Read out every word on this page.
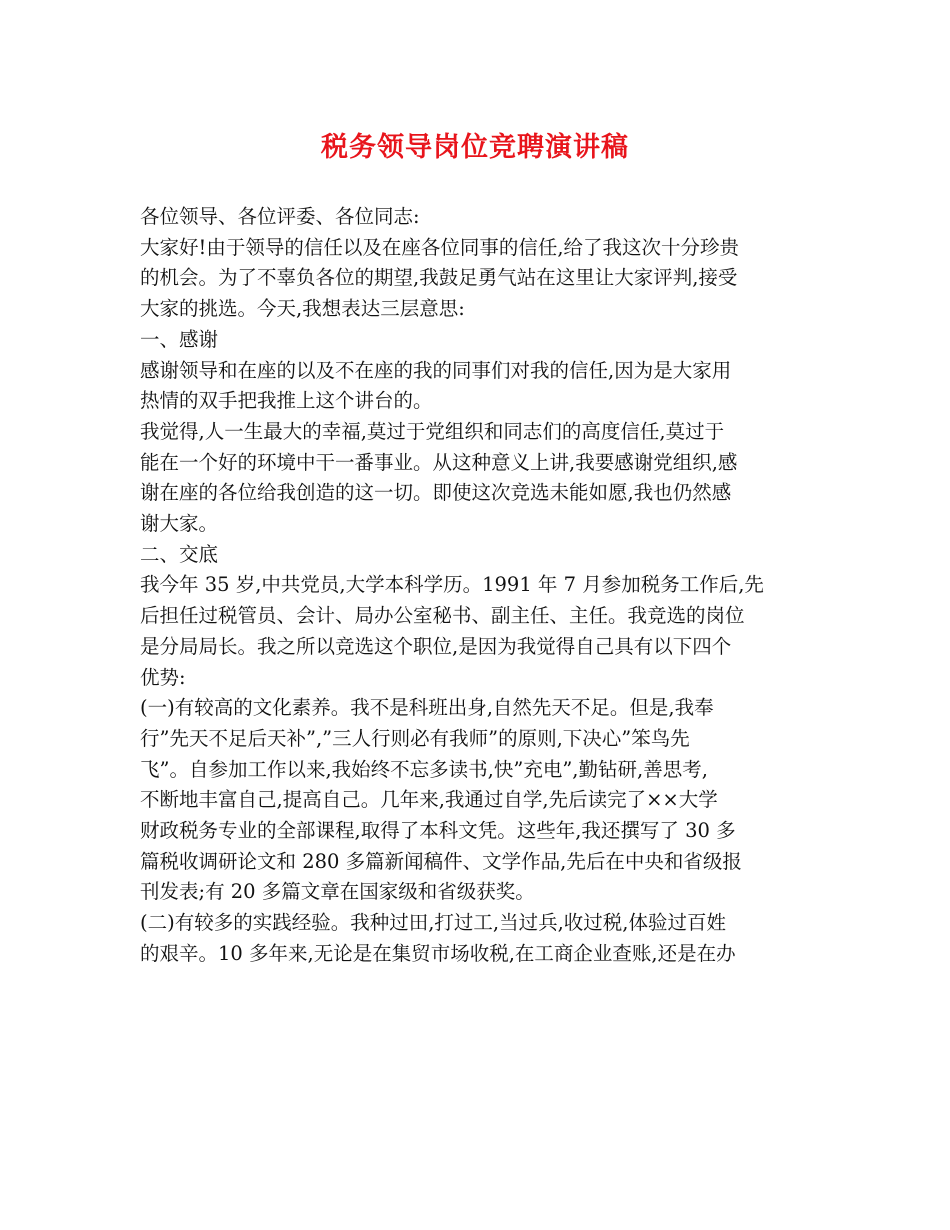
税务领导岗位竞聘演讲稿

各位领导、各位评委、各位同志:

大家好!由于领导的信任以及在座各位同事的信任,给了我这次十分珍贵

的机会。为了不辜负各位的期望,我鼓足勇气站在这里让大家评判,接受

大家的挑选。今天,我想表达三层意思:

一、感谢

感谢领导和在座的以及不在座的我的同事们对我的信任,因为是大家用

热情的双手把我推上这个讲台的。

我觉得,人一生最大的幸福,莫过于党组织和同志们的高度信任,莫过于

能在一个好的环境中干一番事业。从这种意义上讲,我要感谢党组织,感

谢在座的各位给我创造的这一切。即使这次竞选未能如愿,我也仍然感

谢大家。

二、交底

我今年 35 岁,中共党员,大学本科学历。1991 年 7 月参加税务工作后,先

后担任过税管员、会计、局办公室秘书、副主任、主任。我竞选的岗位

是分局局长。我之所以竞选这个职位,是因为我觉得自己具有以下四个

优势:

(一)有较高的文化素养。我不是科班出身,自然先天不足。但是,我奉

行”先天不足后天补”,”三人行则必有我师”的原则,下决心”笨鸟先

飞”。自参加工作以来,我始终不忘多读书,快”充电”,勤钻研,善思考,

不断地丰富自己,提高自己。几年来,我通过自学,先后读完了××大学

财政税务专业的全部课程,取得了本科文凭。这些年,我还撰写了 30 多

篇税收调研论文和 280 多篇新闻稿件、文学作品,先后在中央和省级报

刊发表;有 20 多篇文章在国家级和省级获奖。

(二)有较多的实践经验。我种过田,打过工,当过兵,收过税,体验过百姓

的艰辛。10 多年来,无论是在集贸市场收税,在工商企业查账,还是在办
